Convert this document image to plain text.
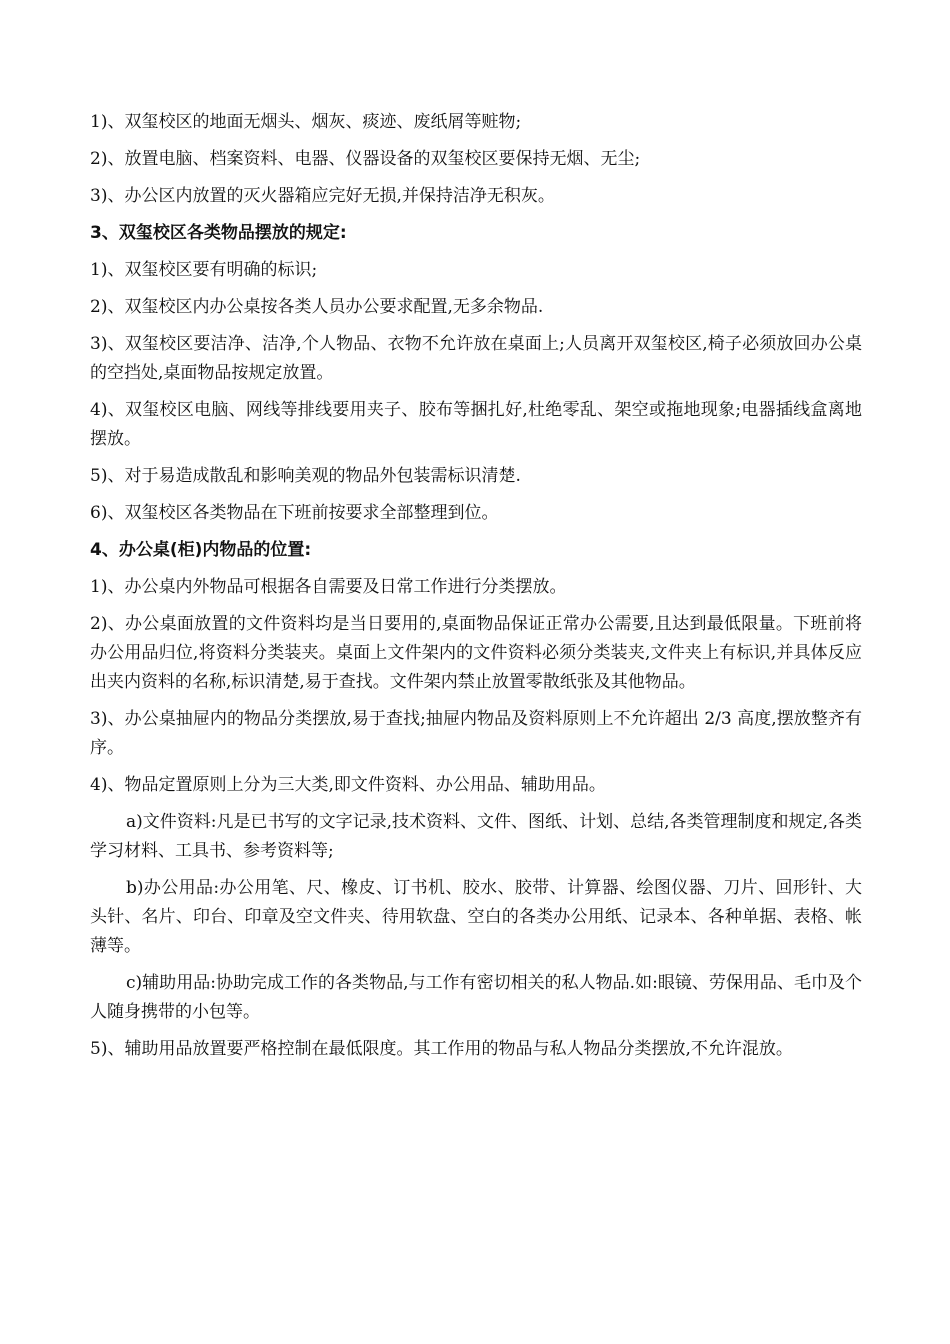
1)、双玺校区的地面无烟头、烟灰、痰迹、废纸屑等赃物;

2)、放置电脑、档案资料、电器、仪器设备的双玺校区要保持无烟、无尘;

3)、办公区内放置的灭火器箱应完好无损,并保持洁净无积灰。

3、双玺校区各类物品摆放的规定:

1)、双玺校区要有明确的标识;

2)、双玺校区内办公桌按各类人员办公要求配置,无多余物品.

3)、双玺校区要洁净、洁净,个人物品、衣物不允许放在桌面上;人员离开双玺校区,椅子必须放回办公桌的空挡处,桌面物品按规定放置。

4)、双玺校区电脑、网线等排线要用夹子、胶布等捆扎好,杜绝零乱、架空或拖地现象;电器插线盒离地摆放。

5)、对于易造成散乱和影响美观的物品外包装需标识清楚.

6)、双玺校区各类物品在下班前按要求全部整理到位。

4、办公桌(柜)内物品的位置:

1)、办公桌内外物品可根据各自需要及日常工作进行分类摆放。

2)、办公桌面放置的文件资料均是当日要用的,桌面物品保证正常办公需要,且达到最低限量。下班前将办公用品归位,将资料分类装夹。桌面上文件架内的文件资料必须分类装夹,文件夹上有标识,并具体反应出夹内资料的名称,标识清楚,易于查找。文件架内禁止放置零散纸张及其他物品。

3)、办公桌抽屉内的物品分类摆放,易于查找;抽屉内物品及资料原则上不允许超出 2/3 高度,摆放整齐有序。

4)、物品定置原则上分为三大类,即文件资料、办公用品、辅助用品。

a)文件资料:凡是已书写的文字记录,技术资料、文件、图纸、计划、总结,各类管理制度和规定,各类学习材料、工具书、参考资料等;

b)办公用品:办公用笔、尺、橡皮、订书机、胶水、胶带、计算器、绘图仪器、刀片、回形针、大头针、名片、印台、印章及空文件夹、待用软盘、空白的各类办公用纸、记录本、各种单据、表格、帐薄等。

c)辅助用品:协助完成工作的各类物品,与工作有密切相关的私人物品.如:眼镜、劳保用品、毛巾及个人随身携带的小包等。

5)、辅助用品放置要严格控制在最低限度。其工作用的物品与私人物品分类摆放,不允许混放。
